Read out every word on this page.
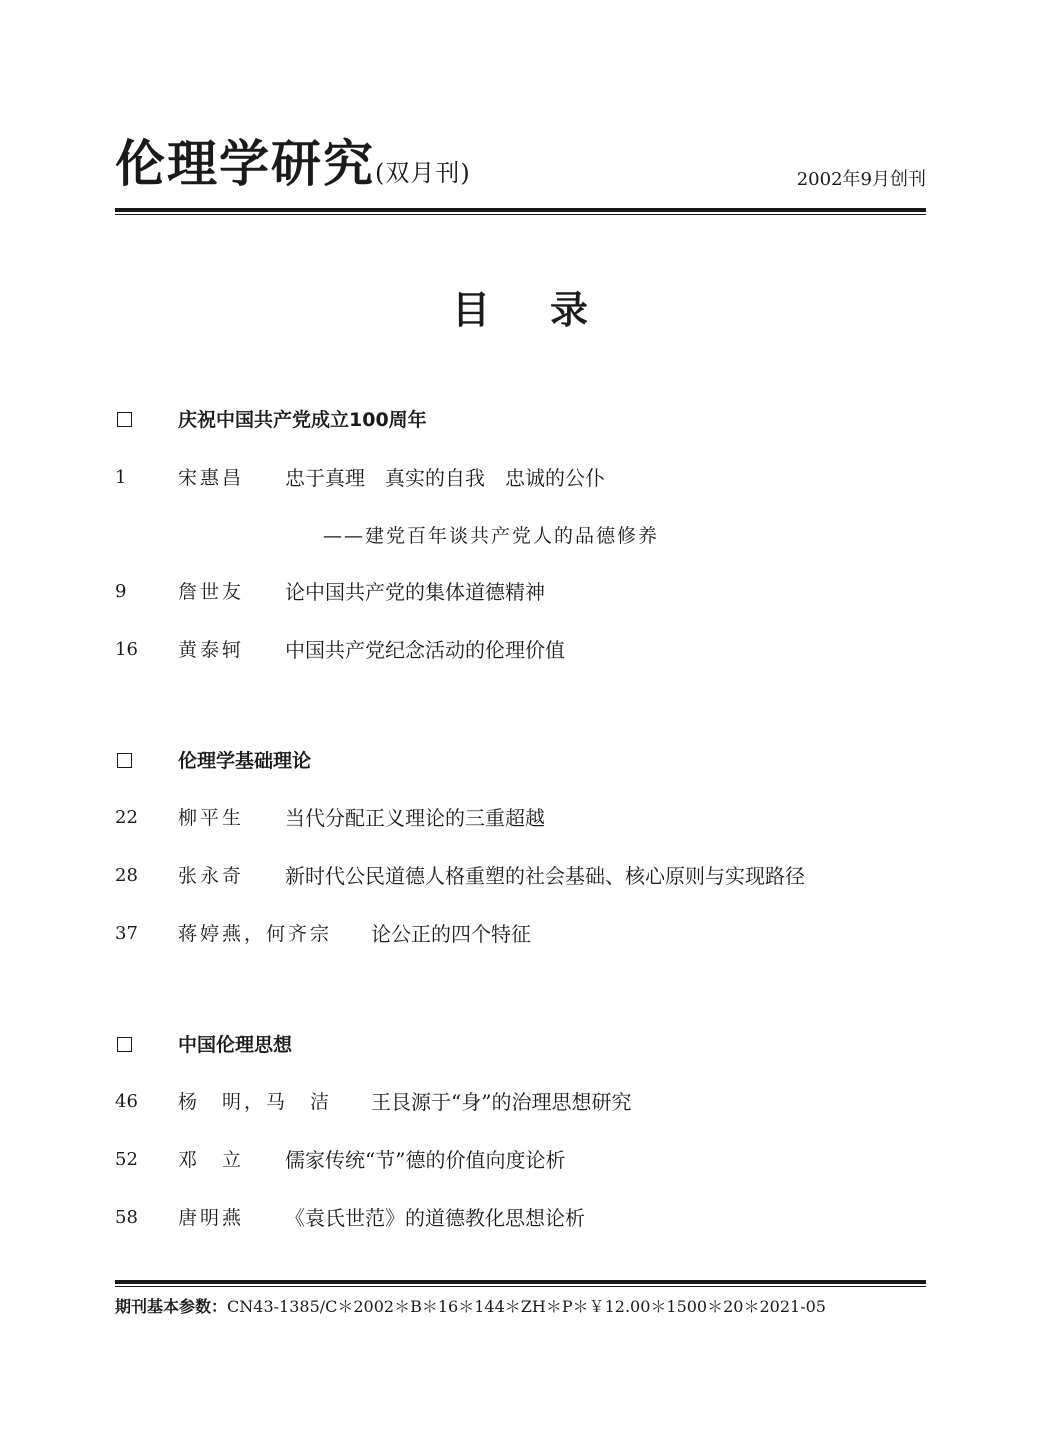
伦理学研究(双月刊)	2002年9月创刊
目录
庆祝中国共产党成立100周年
1	宋惠昌 忠于真理　真实的自我　忠诚的公仆
——建党百年谈共产党人的品德修养
9	詹世友 论中国共产党的集体道德精神
16 黄泰轲 中国共产党纪念活动的伦理价值
伦理学基础理论
22 柳平生 当代分配正义理论的三重超越
28 张永奇 新时代公民道德人格重塑的社会基础、核心原则与实现路径
37 蒋婷燕，何齐宗 论公正的四个特征
中国伦理思想
46 杨　明，马　洁 王艮源于“身”的治理思想研究
52 邓　立 儒家传统“节”德的价值向度论析
58 唐明燕 《袁氏世范》的道德教化思想论析
期刊基本参数：CN43-1385/C＊2002＊B＊16＊144＊ZH＊P＊￥12.00＊1500＊20＊2021-05
